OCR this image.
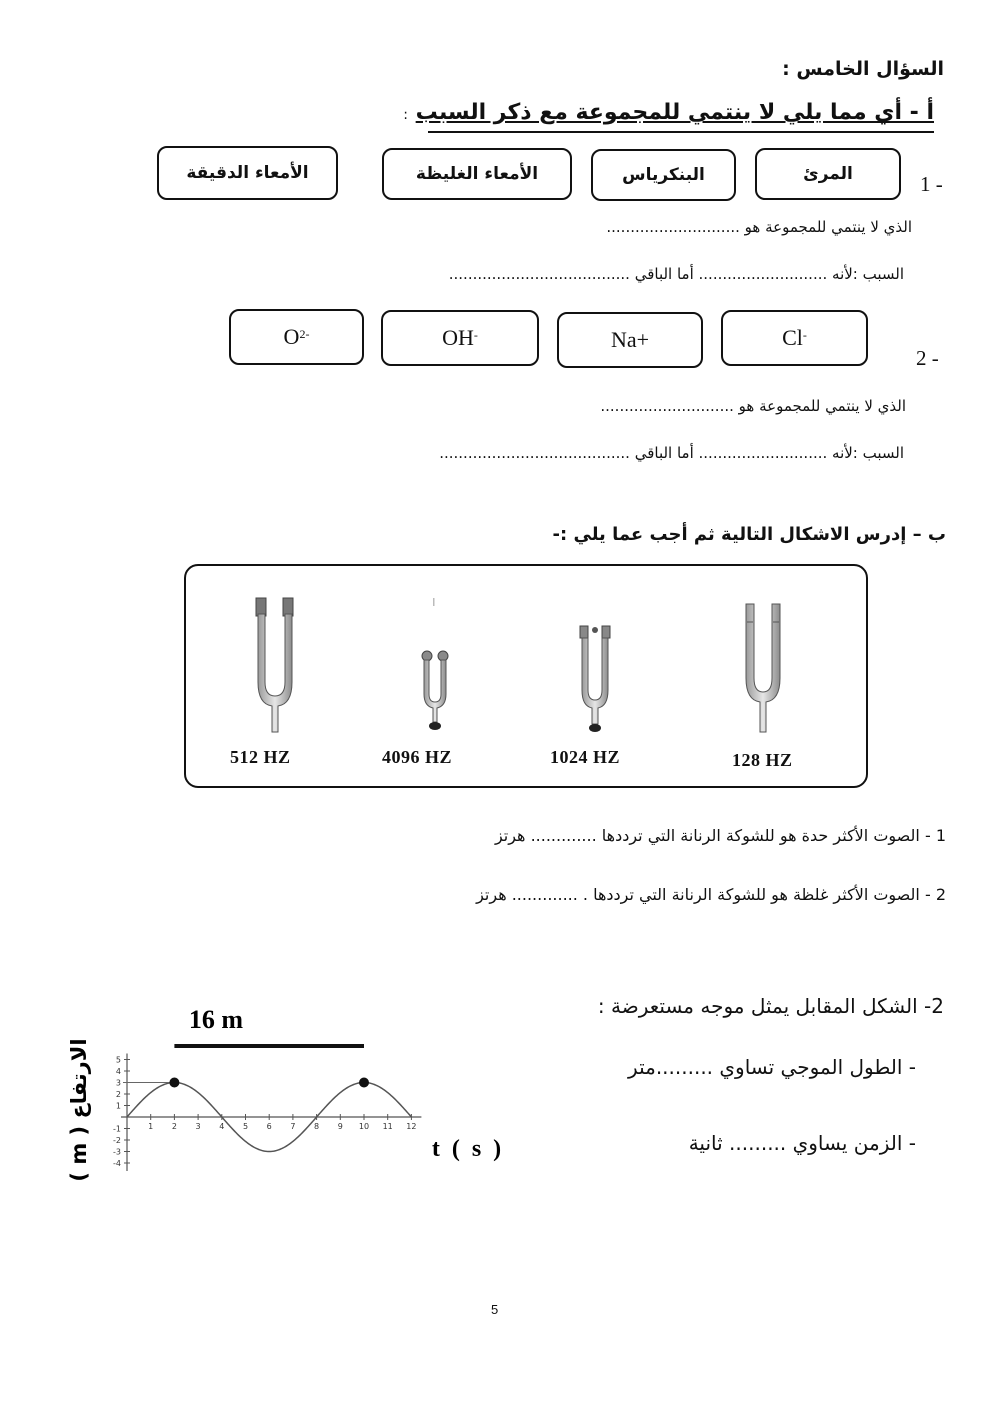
السؤال الخامس :
أ - أي مما يلي لا ينتمي للمجموعة مع ذكر السبب :
1 -
المرئ
البنكرياس
الأمعاء الغليظة
الأمعاء الدقيقة
الذي لا ينتمي للمجموعة هو ............................
السبب :لأنه ........................... أما الباقي ......................................
2 -
Cl-
Na+
OH-
$O^{2-}$
الذي لا ينتمي للمجموعة هو ............................
السبب :لأنه ........................... أما الباقي ........................................
ب – إدرس الاشكال التالية ثم أجب عما يلي :-
512 HZ	4096 HZ	1024 HZ	128 HZ
1 - الصوت الأكثر حدة هو للشوكة الرنانة التي ترددها ............. هرتز
2 - الصوت الأكثر غلظة هو للشوكة الرنانة التي ترددها . ............. هرتز
2- الشكل المقابل يمثل موجه مستعرضة :
- الطول الموجي تساوي .........متر
- الزمن يساوي ......... ثانية
1 2 3 4 5 6 7 8 9 10 11 12
-4
-3
-2
-1
1
2
3
4
5
16 m
t ( s )
الارتفاع ( m )
5
